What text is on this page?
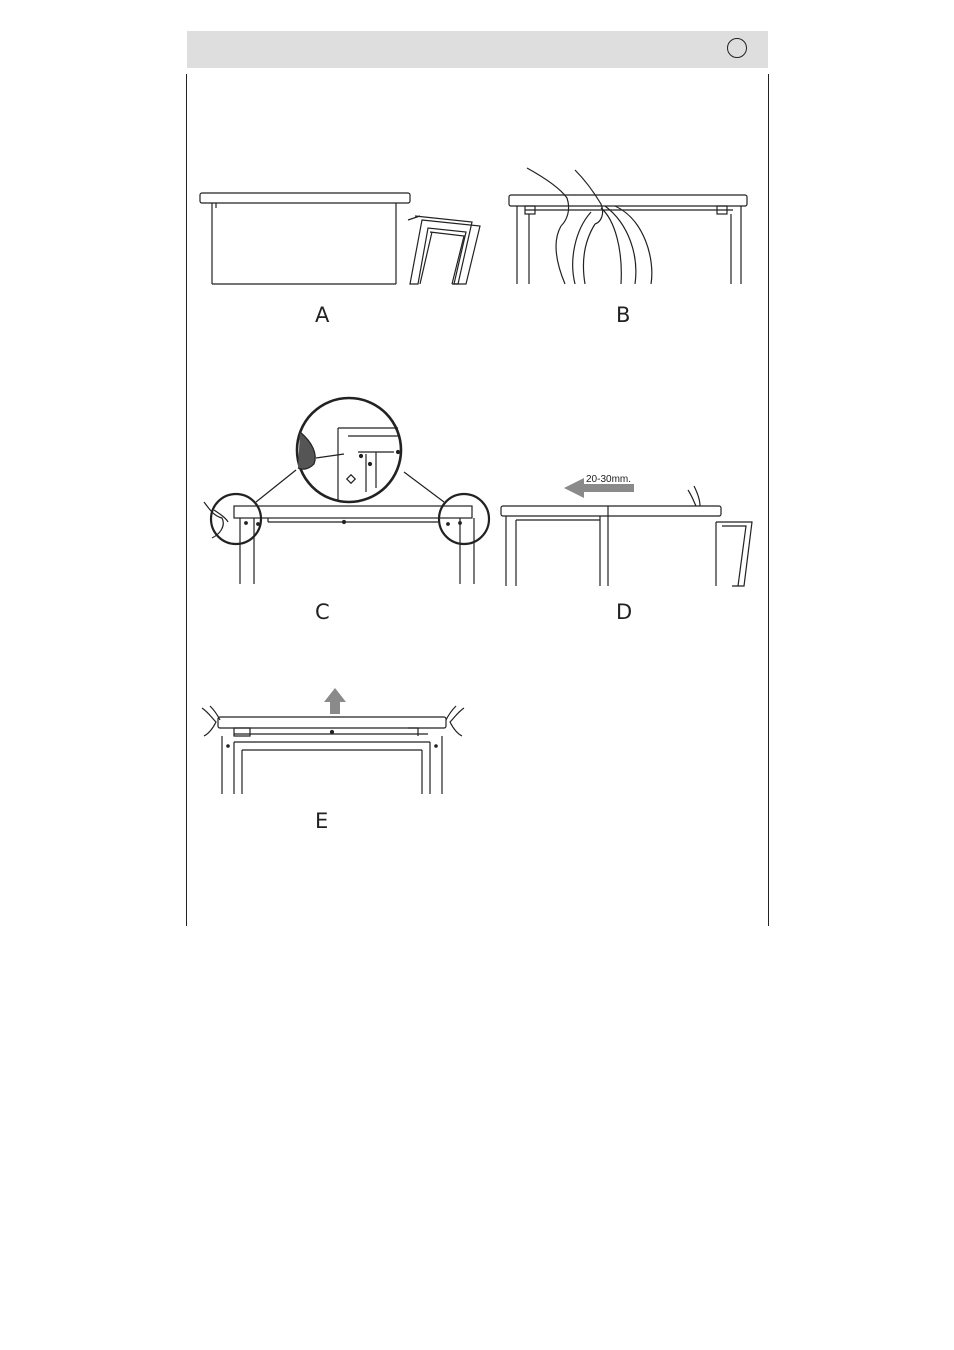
A	B
C
20-30mm.
D
E
